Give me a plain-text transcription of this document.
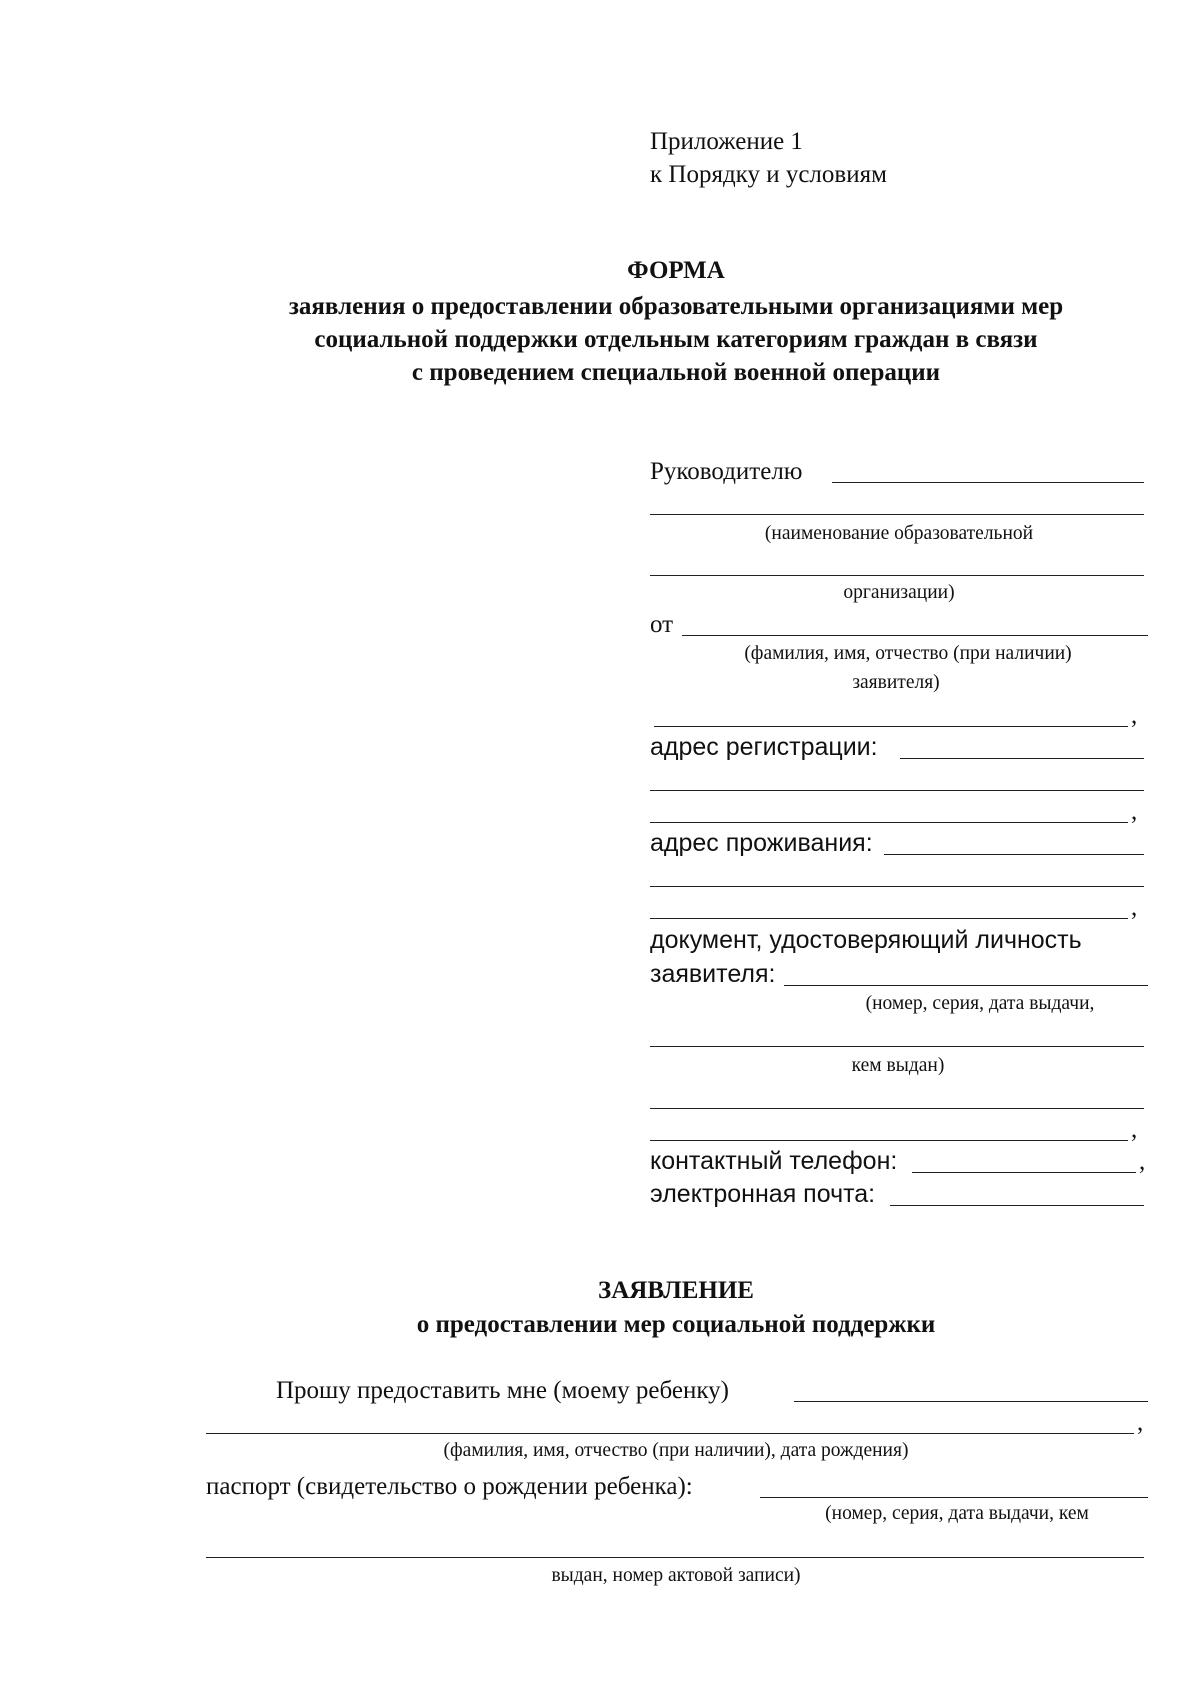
Приложение 1
к Порядку и условиям
ФОРМА
заявления о предоставлении образовательными организациями мер
социальной поддержки отдельным категориям граждан в связи
с проведением специальной военной операции
Руководителю
(наименование образовательной
организации)
от
(фамилия, имя, отчество (при наличии)
заявителя)
,
адрес регистрации:
,
адрес проживания:
,
документ, удостоверяющий личность
заявителя:
(номер, серия, дата выдачи,
кем выдан)
,
контактный телефон:	,
электронная почта:
ЗАЯВЛЕНИЕ
о предоставлении мер социальной поддержки
Прошу предоставить мне (моему ребенку)
,
(фамилия, имя, отчество (при наличии), дата рождения)
паспорт (свидетельство о рождении ребенка):
(номер, серия, дата выдачи, кем
выдан, номер актовой записи)
